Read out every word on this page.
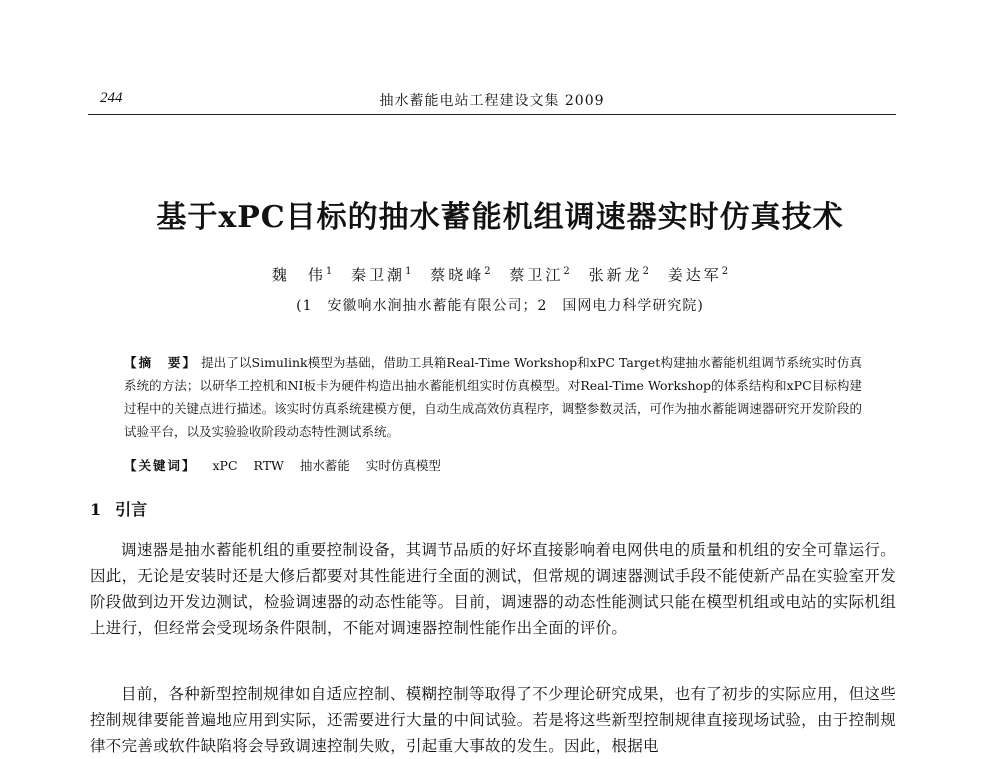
244	抽水蓄能电站工程建设文集 2009
基于xPC目标的抽水蓄能机组调速器实时仿真技术
魏　伟$^1$ 秦卫潮$^1$ 蔡晓峰$^2$ 蔡卫江$^2$ 张新龙$^2$ 姜达军$^2$
(1　安徽响水涧抽水蓄能有限公司；2　国网电力科学研究院)
【摘　要】 提出了以Simulink模型为基础，借助工具箱Real-Time Workshop和xPC Target构建抽水蓄能机组调节系统实时仿真系统的方法；以研华工控机和NI板卡为硬件构造出抽水蓄能机组实时仿真模型。对Real-Time Workshop的体系结构和xPC目标构建过程中的关键点进行描述。该实时仿真系统建模方便，自动生成高效仿真程序，调整参数灵活，可作为抽水蓄能调速器研究开发阶段的试验平台，以及实验验收阶段动态特性测试系统。
【关键词】 xPC RTW 抽水蓄能 实时仿真模型
1 引言

调速器是抽水蓄能机组的重要控制设备，其调节品质的好坏直接影响着电网供电的质量和机组的安全可靠运行。因此，无论是安装时还是大修后都要对其性能进行全面的测试，但常规的调速器测试手段不能使新产品在实验室开发阶段做到边开发边测试，检验调速器的动态性能等。目前，调速器的动态性能测试只能在模型机组或电站的实际机组上进行，但经常会受现场条件限制，不能对调速器控制性能作出全面的评价。

目前，各种新型控制规律如自适应控制、模糊控制等取得了不少理论研究成果，也有了初步的实际应用，但这些控制规律要能普遍地应用到实际，还需要进行大量的中间试验。若是将这些新型控制规律直接现场试验，由于控制规律不完善或软件缺陷将会导致调速控制失败，引起重大事故的发生。因此，根据电
